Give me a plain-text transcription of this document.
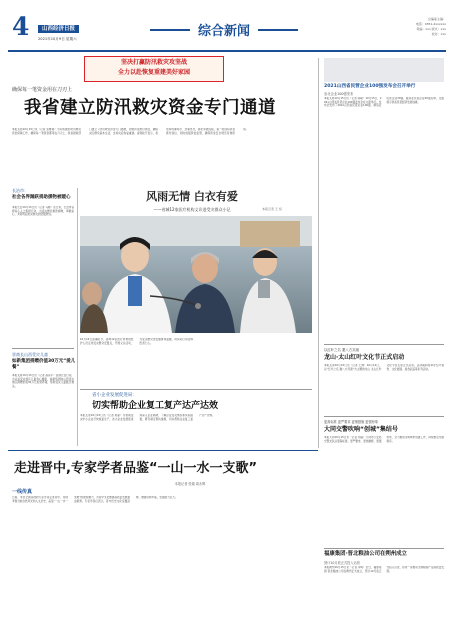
4	山西经济日报
2021年10月9日 星期六	综合新闻
总编室主编：
电话：0351-4xxxxxx
责编：xxx 版式：xxx
校对：xxx
坚决打赢防汛救灾攻坚战
全力以赴恢复重建美好家园
确保每一笔资金用在刀刃上
我省建立防汛救灾资金专门通道
本报太原10月15日讯（记者 张雅萌）为切实做好防汛救灾资金保障工作，确保每一笔资金都用在刀刃上，我省财政部门建立了防汛救灾资金专门通道，加快资金拨付进度，确保灾区群众基本生活，支持灾后恢复重建。省财政厅表示，将坚持特事特办、急事急办，简化审批流程，第一时间将资金拨付到位，同时加强资金监管，确保资金安全规范有效使用。
长治市：
社会各界踊跃捐助援物被暖心
本报长治10月15日讯（记者 马晓）连日来，长治市各界爱心人士积极行动，为受灾群众捐款捐物，奉献爱心，共同筑起抗灾救灾的坚强防线。
晋商长山西受灾儿童
如新集团捐赠价值30万元“爱儿餐”
本报太原10月15日讯（记者 高彦平）晋商长在行动，为关爱受灾地区儿童身心健康，如新集团向山西受灾地区捐赠价值30万元的营养餐，帮助受灾儿童渡过难关。
风雨无情 白衣有爱
——省城12家医疗机构义诊进受灾群众小记	本报记者 王 恒
10月14日是重阳节，省城12家医疗机构的医护人员走进受灾群众安置点，开展义诊活动，为受灾群众送去健康和温暖，用实际行动诠释医者仁心。
省小企业发展促进局：
切实帮助企业复工复产达产达效
本报太原10月15日讯（记者 郭星）为帮助受灾中小企业尽快恢复生产，省小企业发展促进局深入企业调研，了解企业受灾情况和实际困难，研究制定帮扶措施，切实帮助企业复工复产达产达效。
2021山西省民营企业100强发布会召开举行
参北企业100强发布
本报太原10月15日讯（记者 郭敏）10月15日，2021山西省民营企业100强发布会在太原举行。发布会发布了2021山西省民营企业100强、制造业民营企业30强、服务业民营企业20强名单，全面展示我省民营经济发展成就。
以红叶之名 邀八方宾朋
龙山·太山红叶文化节正式启动
本报太原10月15日讯（记者 王璞）10月14日，以“红叶之名 邀八方宾朋”为主题的龙山·太山红叶文化节在太原正式启动。活动期间将举办红叶观赏、文化展演、美食品鉴等系列活动。
更高标准 更严要求 更细措施 更强形象
大同交警吹响“创城”集结号
本报大同10月15日讯（记者 刘淼）大同市公安局交警支队以更高标准、更严要求、更细措施、更强形象，全力推进文明城市创建工作，持续整治交通秩序。
福康集团·晋北粮油公司在朔州成立
预计10月底正式投入运营
本报朔州10月15日讯（记者 李明）近日，福康集团·晋北粮油公司在朔州正式成立，预计10月底正式投入运营，将进一步推动当地粮油产业高质量发展。
走进晋中,专家学者品鉴“一山一水一支歌”
本报记者 张瑞 周永辉
一线传真
日前，来自全国各地的专家学者走进晋中，实地考察当地自然风光和人文历史，品鉴“一山一水一支歌”的独特魅力，为晋中文化旅游高质量发展建言献策。专家学者们表示，晋中历史文化底蕴深厚，旅游资源丰富，发展潜力巨大。
